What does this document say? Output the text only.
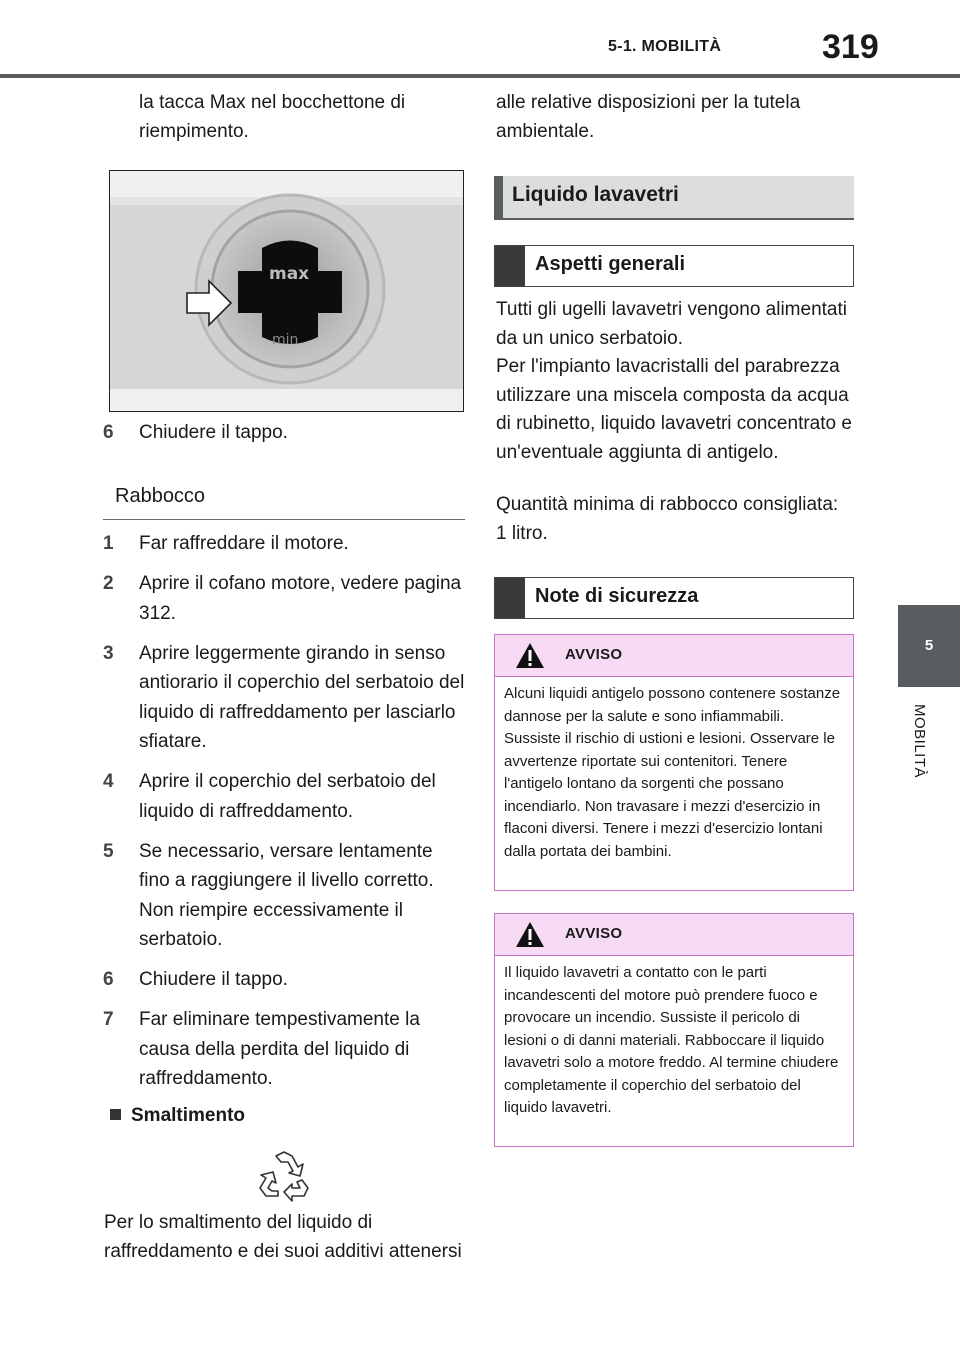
5-1. MOBILITÀ	319
5
MOBILITÀ
la tacca Max nel bocchettone di riempimento.
max
min
6 Chiudere il tappo.
Rabbocco
1 Far raffreddare il motore.
2 Aprire il cofano motore, vedere pagina 312.
3 Aprire leggermente girando in senso antiorario il coperchio del serbatoio del liquido di raffreddamento per lasciarlo sfiatare.
4 Aprire il coperchio del serbatoio del liquido di raffreddamento.
5 Se necessario, versare lentamente fino a raggiungere il livello corretto. Non riempire eccessivamente il serbatoio.
6 Chiudere il tappo.
7 Far eliminare tempestivamente la causa della perdita del liquido di raffreddamento.
Smaltimento
Per lo smaltimento del liquido di raffreddamento e dei suoi additivi attenersi
alle relative disposizioni per la tutela ambientale.
Liquido lavavetri
Aspetti generali
Tutti gli ugelli lavavetri vengono alimentati da un unico serbatoio.
Per l'impianto lavacristalli del parabrezza utilizzare una miscela composta da acqua di rubinetto, liquido lavavetri concentrato e un'eventuale aggiunta di antigelo.
Quantità minima di rabbocco consigliata: 1 litro.
Note di sicurezza
AVVISO
Alcuni liquidi antigelo possono contenere sostanze dannose per la salute e sono infiammabili. Sussiste il rischio di ustioni e lesioni. Osservare le avvertenze riportate sui contenitori. Tenere l'antigelo lontano da sorgenti che possano incendiarlo. Non travasare i mezzi d'esercizio in flaconi diversi. Tenere i mezzi d'esercizio lontani dalla portata dei bambini.
AVVISO
Il liquido lavavetri a contatto con le parti incandescenti del motore può prendere fuoco e provocare un incendio. Sussiste il pericolo di lesioni o di danni materiali. Rabboccare il liquido lavavetri solo a motore freddo. Al termine chiudere completamente il coperchio del serbatoio del liquido lavavetri.
